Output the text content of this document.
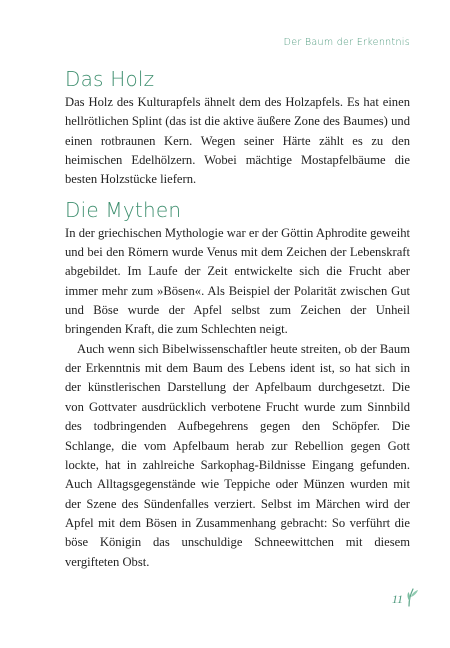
Der Baum der Erkenntnis
Das Holz

Das Holz des Kulturapfels ähnelt dem des Holzapfels. Es hat einen hellrötlichen Splint (das ist die aktive äußere Zone des Baumes) und einen rotbraunen Kern. Wegen seiner Härte zählt es zu den heimischen Edelhölzern. Wobei mächtige Mostapfelbäume die besten Holzstücke liefern.

Die Mythen

In der griechischen Mythologie war er der Göttin Aphrodite geweiht und bei den Römern wurde Venus mit dem Zeichen der Lebenskraft abgebildet. Im Laufe der Zeit entwickelte sich die Frucht aber immer mehr zum »Bösen«. Als Beispiel der Polarität zwischen Gut und Böse wurde der Apfel selbst zum Zeichen der Unheil bringenden Kraft, die zum Schlechten neigt.

Auch wenn sich Bibelwissenschaftler heute streiten, ob der Baum der Erkenntnis mit dem Baum des Lebens ident ist, so hat sich in der künstlerischen Darstellung der Apfelbaum durchgesetzt. Die von Gottvater ausdrücklich verbotene Frucht wurde zum Sinnbild des todbringenden Aufbegehrens gegen den Schöpfer. Die Schlange, die vom Apfelbaum herab zur Rebellion gegen Gott lockte, hat in zahlreiche Sarkophag-Bildnisse Eingang gefunden. Auch Alltagsgegenstände wie Teppiche oder Münzen wurden mit der Szene des Sündenfalles verziert. Selbst im Märchen wird der Apfel mit dem Bösen in Zusammenhang gebracht: So verführt die böse Königin das unschuldige Schneewittchen mit diesem vergifteten Obst.

11
